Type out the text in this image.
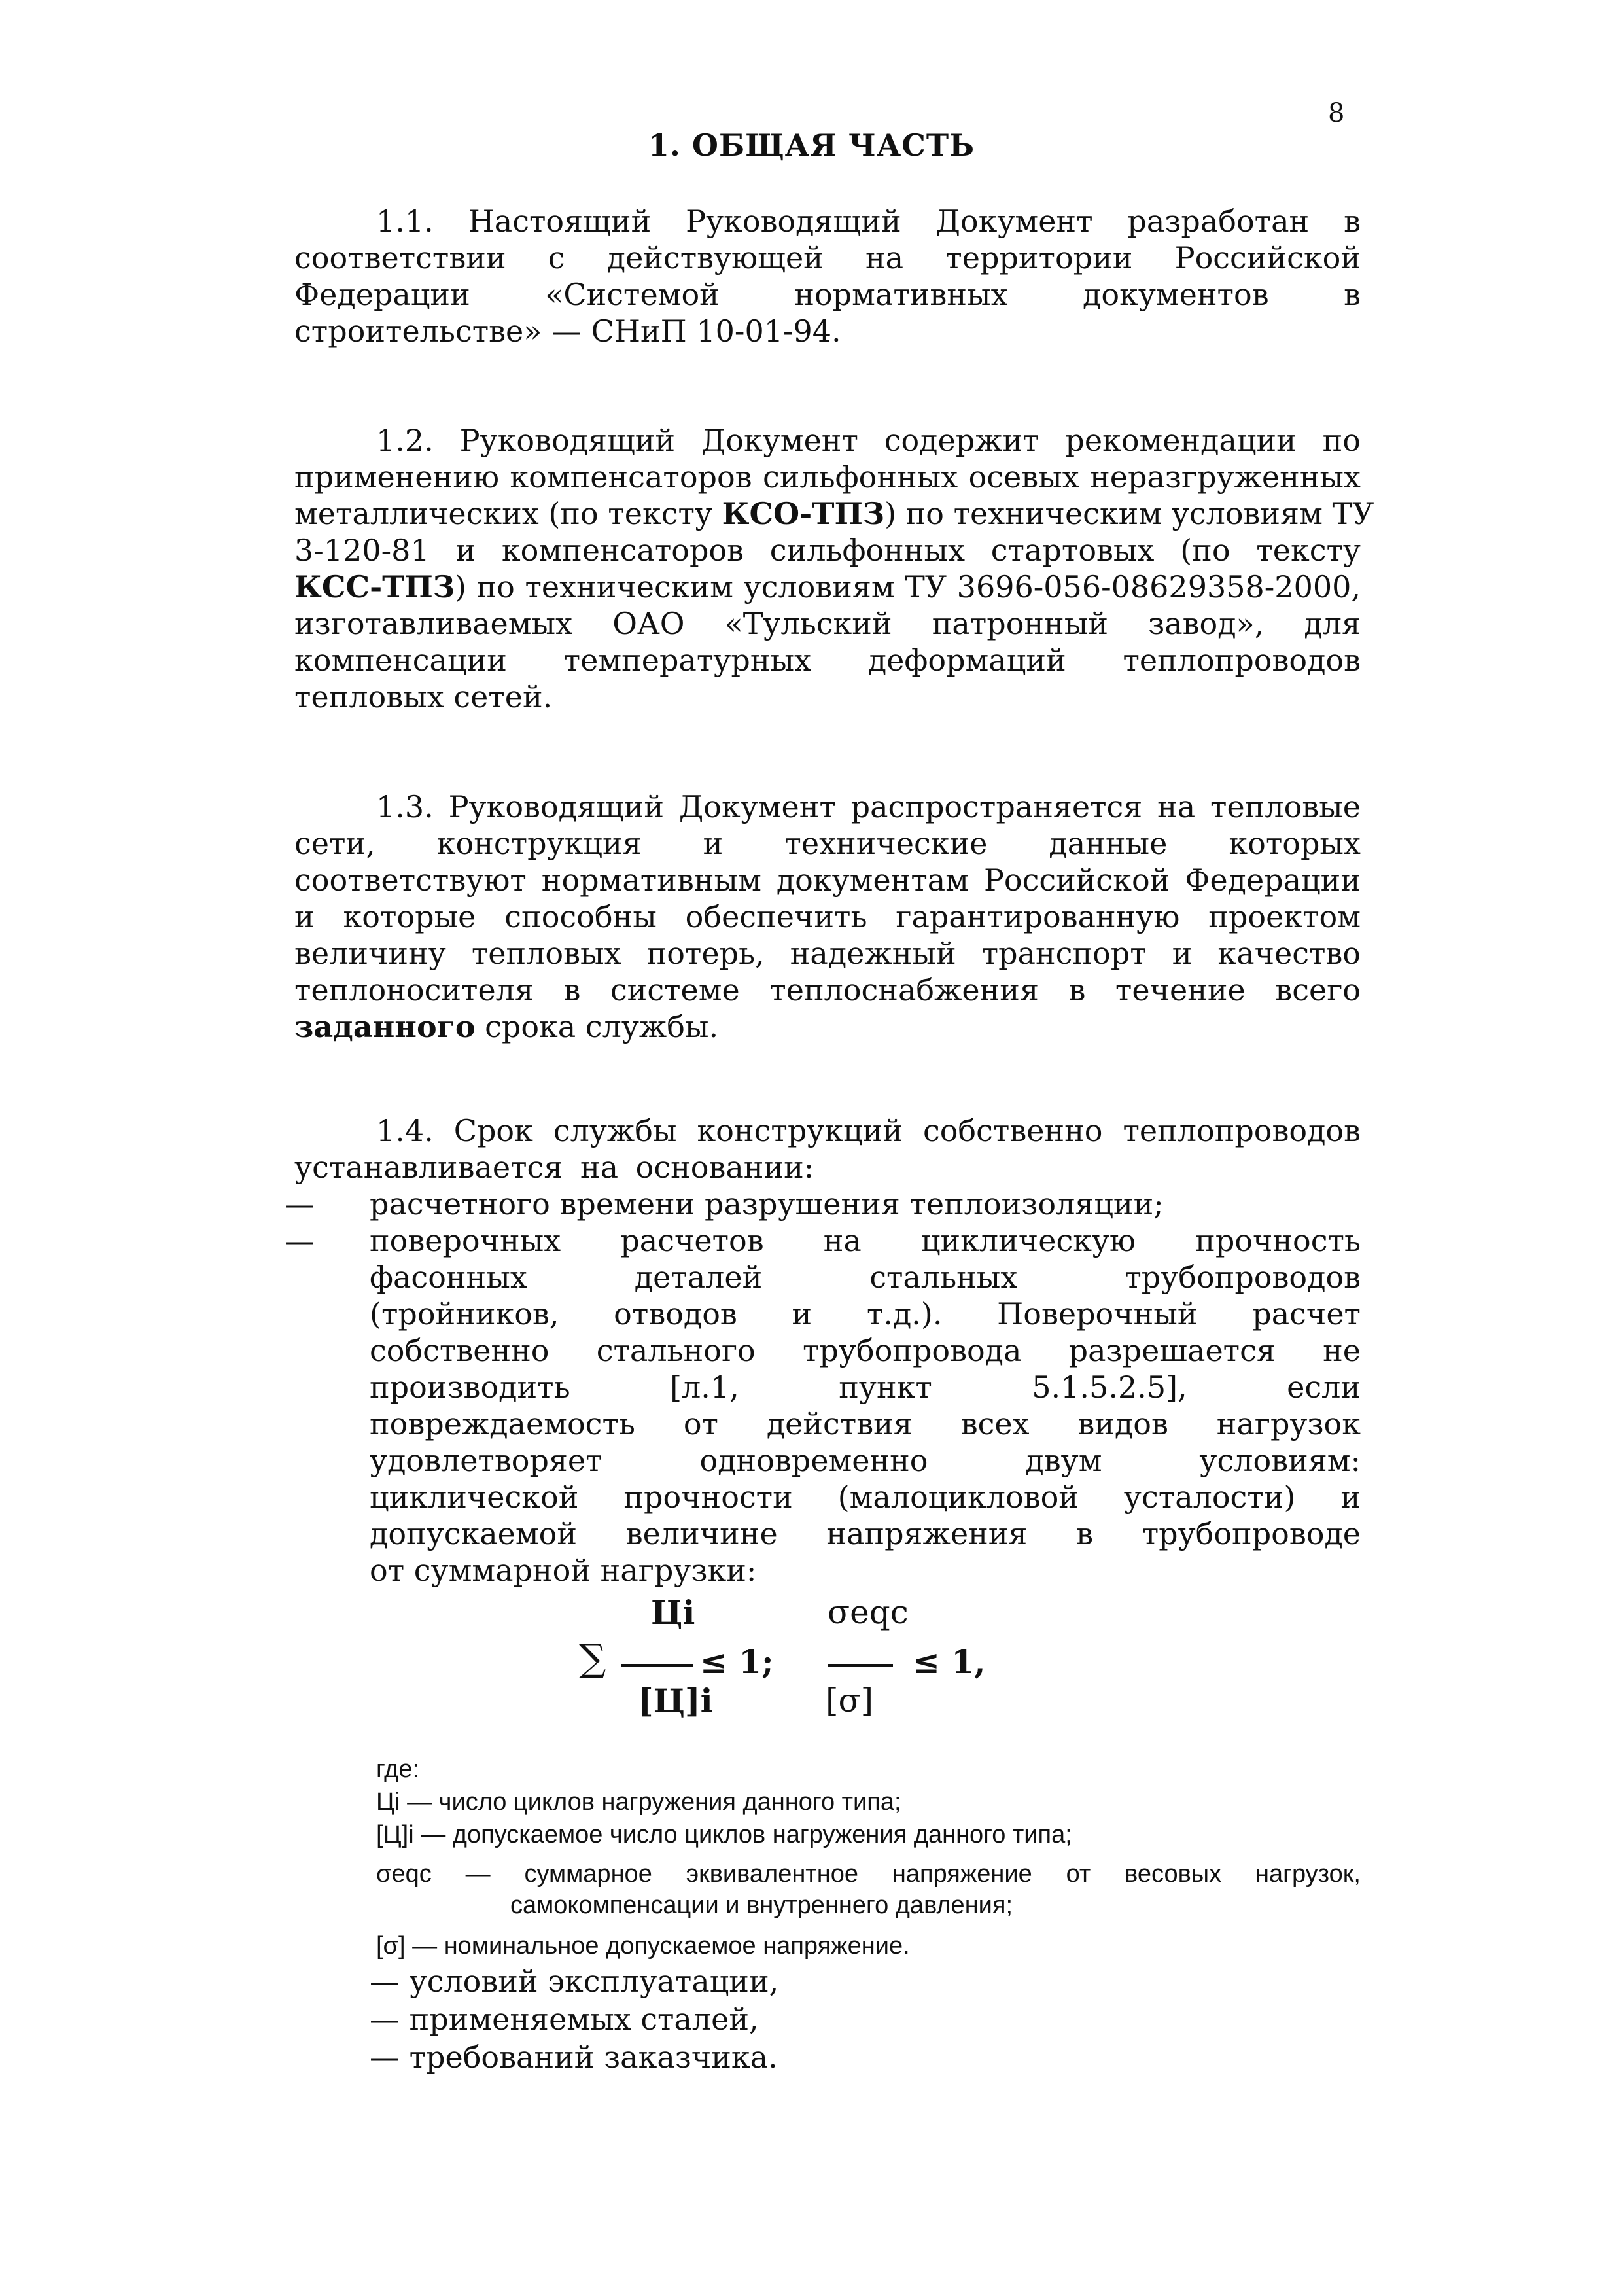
8
1. ОБЩАЯ ЧАСТЬ
1.1. Настоящий Руководящий Документ разработан в
соответствии с действующей на территории Российской
Федерации «Системой нормативных документов в
строительстве» — СНиП 10-01-94.
1.2. Руководящий Документ содержит рекомендации по
применению компенсаторов сильфонных осевых неразгруженных
металлических (по тексту КСО-ТПЗ) по техническим условиям ТУ
3-120-81 и компенсаторов сильфонных стартовых (по тексту
КСС-ТПЗ) по техническим условиям ТУ 3696-056-08629358-2000,
изготавливаемых ОАО «Тульский патронный завод», для
компенсации температурных деформаций теплопроводов
тепловых сетей.
1.3. Руководящий Документ распространяется на тепловые
сети, конструкция и технические данные которых
соответствуют нормативным документам Российской Федерации
и которые способны обеспечить гарантированную проектом
величину тепловых потерь, надежный транспорт и качество
теплоносителя в системе теплоснабжения в течение всего
заданного срока службы.
1.4. Срок службы конструкций собственно теплопроводов
устанавливается на основании:
— расчетного времени разрушения теплоизоляции;
— поверочных расчетов на циклическую прочность
фасонных деталей стальных трубопроводов
(тройников, отводов и т.д.). Поверочный расчет
собственно стального трубопровода разрешается не
производить [л.1, пункт 5.1.5.2.5], если
повреждаемость от действия всех видов нагрузок
удовлетворяет одновременно двум условиям:
циклической прочности (малоцикловой усталости) и
допускаемой величине напряжения в трубопроводе
от суммарной нагрузки:
∑
Цi
≤ 1;
[Ц]i
σeqc
≤ 1,
[σ]
где:
Цi — число циклов нагружения данного типа;
[Ц]i — допускаемое число циклов нагружения данного типа;
σeqc — суммарное эквивалентное напряжение от весовых нагрузок,
самокомпенсации и внутреннего давления;
[σ] — номинальное допускаемое напряжение.
— условий эксплуатации,
— применяемых сталей,
— требований заказчика.
